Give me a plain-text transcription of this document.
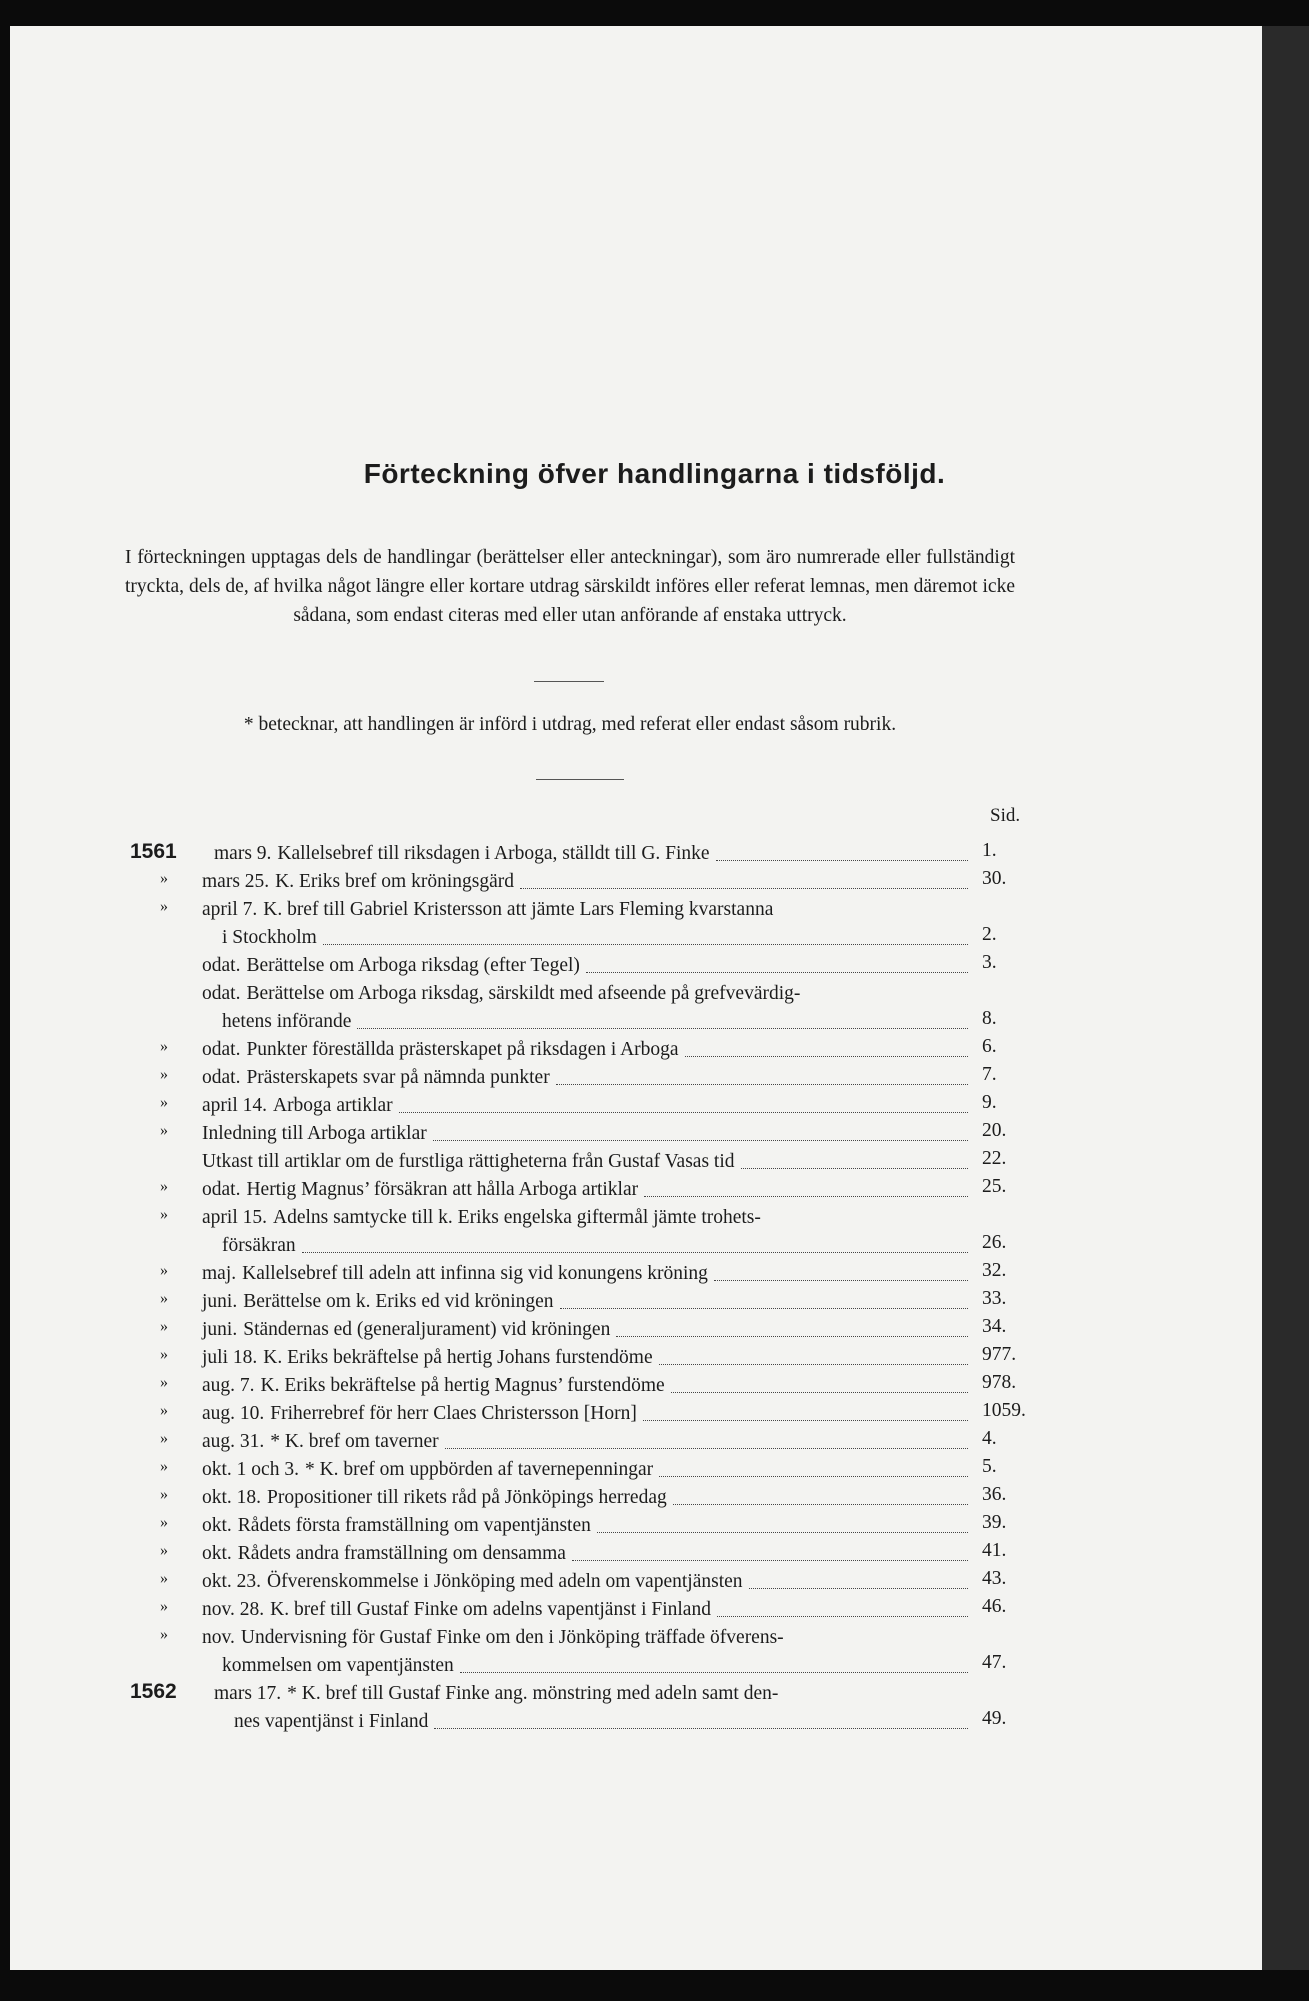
Förteckning öfver handlingarna i tidsföljd.

I förteckningen upptagas dels de handlingar (berättelser eller anteckningar), som äro numrerade eller fullständigt tryckta, dels de, af hvilka något längre eller kortare utdrag särskildt införes eller referat lemnas, men däremot icke sådana, som endast citeras med eller utan anförande af enstaka uttryck.

* betecknar, att handlingen är införd i utdrag, med referat eller endast såsom rubrik.

Sid.
1561 mars 9. Kallelsebref till riksdagen i Arboga, ställdt till G. Finke	1.
» mars 25. K. Eriks bref om kröningsgärd	30.
» april 7. K. bref till Gabriel Kristersson att jämte Lars Fleming kvarstanna
i Stockholm	2.
odat. Berättelse om Arboga riksdag (efter Tegel)	3.
odat. Berättelse om Arboga riksdag, särskildt med afseende på grefvevärdig-
hetens införande	8.
» odat. Punkter föreställda prästerskapet på riksdagen i Arboga	6.
» odat. Prästerskapets svar på nämnda punkter	7.
» april 14. Arboga artiklar	9.
» Inledning till Arboga artiklar	20.
Utkast till artiklar om de furstliga rättigheterna från Gustaf Vasas tid	22.
» odat. Hertig Magnus’ försäkran att hålla Arboga artiklar	25.
» april 15. Adelns samtycke till k. Eriks engelska giftermål jämte trohets-
försäkran	26.
» maj. Kallelsebref till adeln att infinna sig vid konungens kröning	32.
» juni. Berättelse om k. Eriks ed vid kröningen	33.
» juni. Ständernas ed (generaljurament) vid kröningen	34.
» juli 18. K. Eriks bekräftelse på hertig Johans furstendöme	977.
» aug. 7. K. Eriks bekräftelse på hertig Magnus’ furstendöme	978.
» aug. 10. Friherrebref för herr Claes Christersson [Horn]	1059.
» aug. 31. * K. bref om taverner	4.
» okt. 1 och 3. * K. bref om uppbörden af tavernepenningar	5.
» okt. 18. Propositioner till rikets råd på Jönköpings herredag	36.
» okt. Rådets första framställning om vapentjänsten	39.
» okt. Rådets andra framställning om densamma	41.
» okt. 23. Öfverenskommelse i Jönköping med adeln om vapentjänsten	43.
» nov. 28. K. bref till Gustaf Finke om adelns vapentjänst i Finland	46.
» nov. Undervisning för Gustaf Finke om den i Jönköping träffade öfverens-
kommelsen om vapentjänsten	47.
1562 mars 17. * K. bref till Gustaf Finke ang. mönstring med adeln samt den-
nes vapentjänst i Finland	49.
